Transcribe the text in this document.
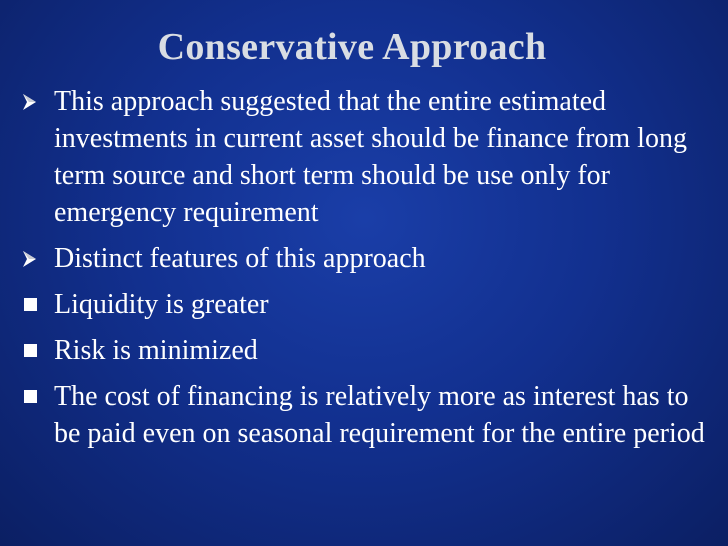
Conservative Approach
This approach suggested that the entire estimated investments in current asset should be finance from long term source and short term should be use only for emergency requirement
Distinct features of this approach
Liquidity is greater
Risk is minimized
The cost of financing is relatively more as interest has to be paid even on seasonal requirement for the entire period
